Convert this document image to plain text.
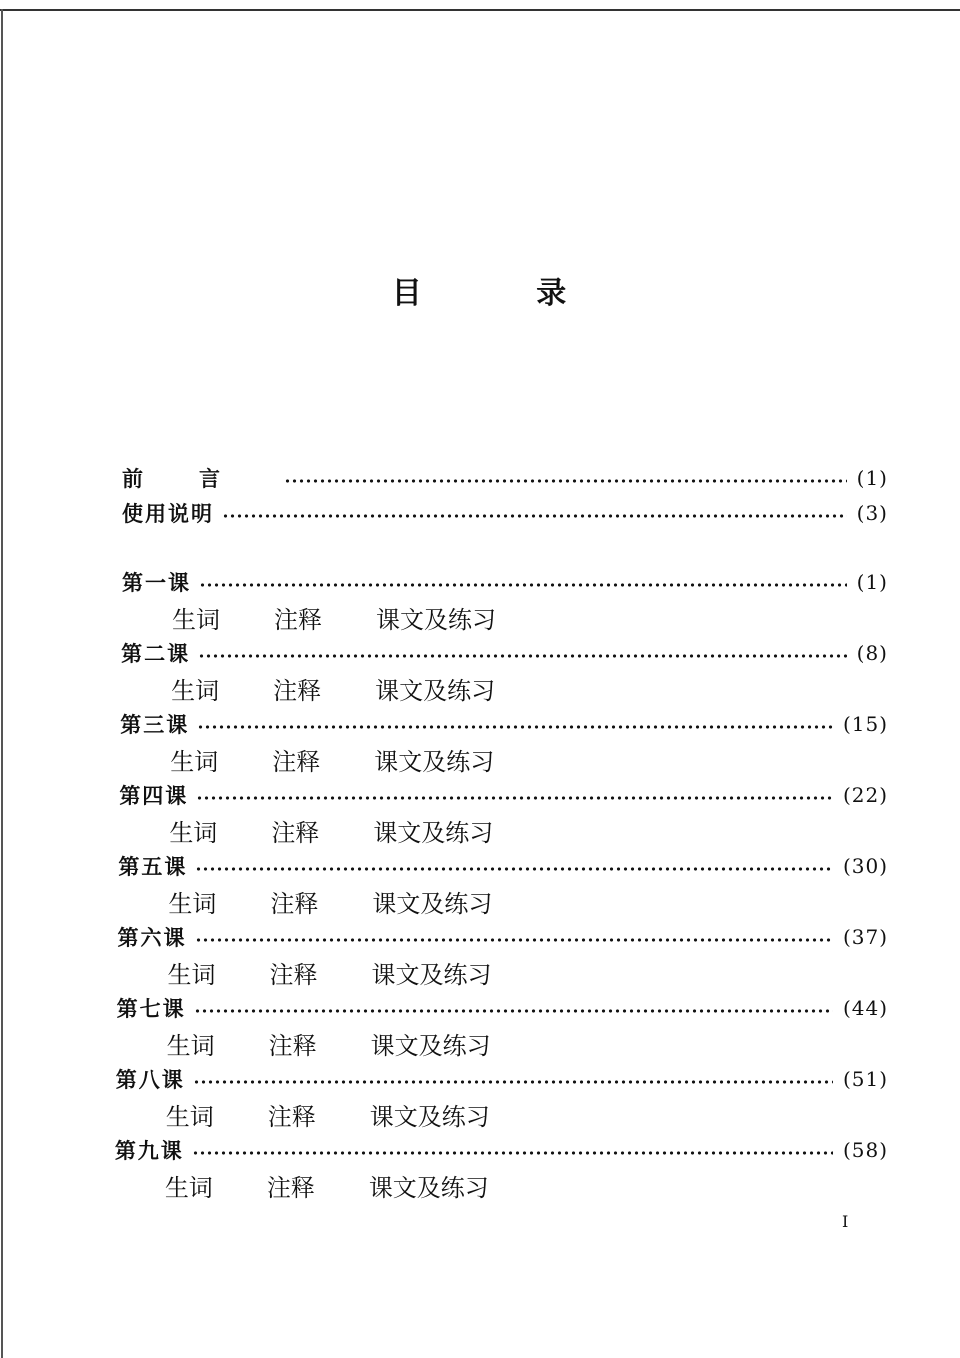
目 录
前言	(1)
使用说明	(3)
第一课	(1)
生词 注释 课文及练习
第二课	(8)
生词 注释 课文及练习
第三课	(15)
生词 注释 课文及练习
第四课	(22)
生词 注释 课文及练习
第五课	(30)
生词 注释 课文及练习
第六课	(37)
生词 注释 课文及练习
第七课	(44)
生词 注释 课文及练习
第八课	(51)
生词 注释 课文及练习
第九课	(58)
生词 注释 课文及练习
I
